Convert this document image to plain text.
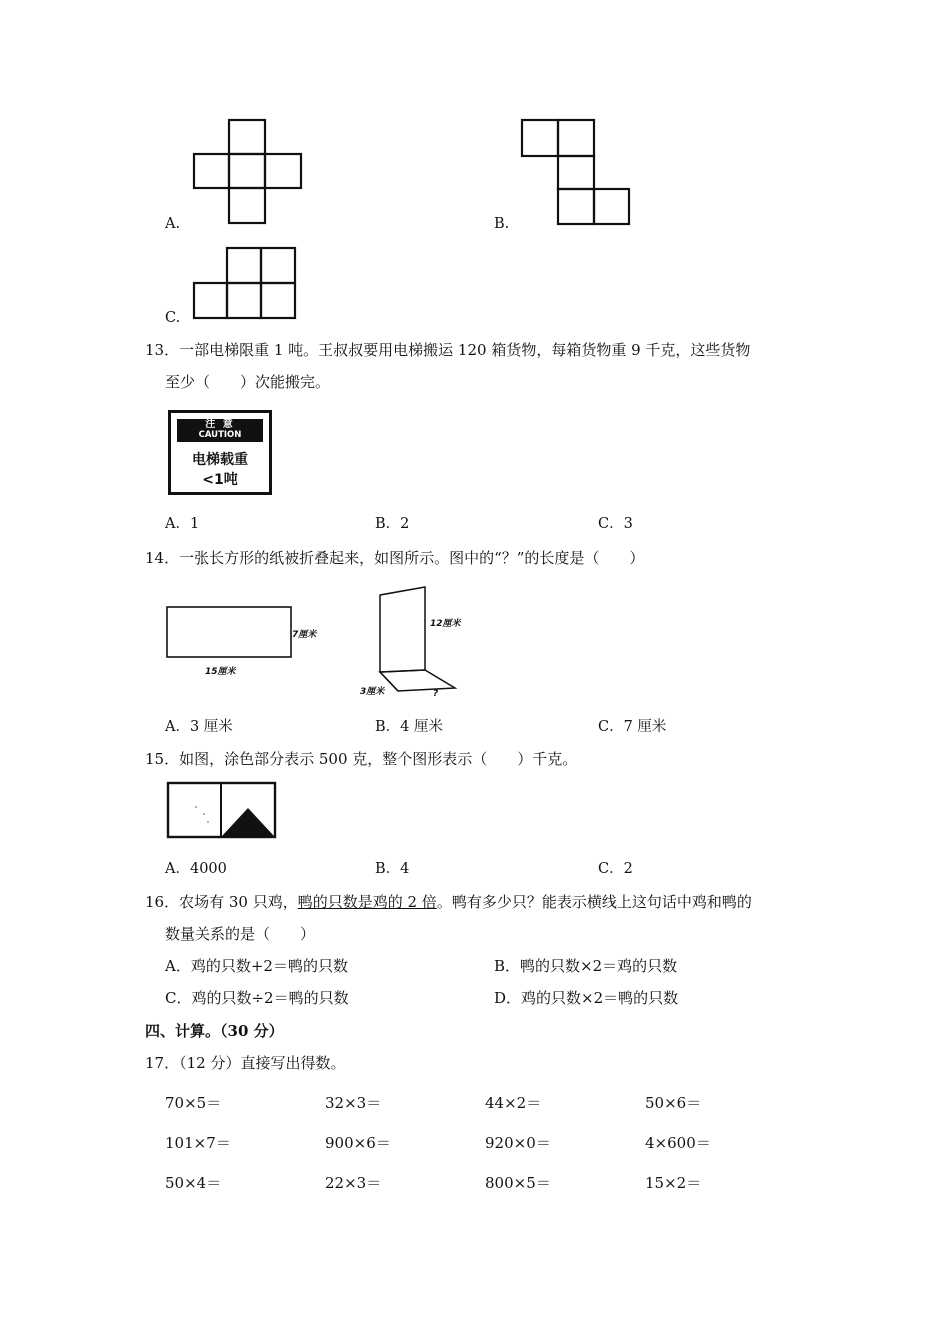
A.	B.
C.
13．一部电梯限重 1 吨。王叔叔要用电梯搬运 120 箱货物，每箱货物重 9 千克，这些货物
至少（　　）次能搬完。
注 意
CAUTION
电梯载重
<1吨
A．1	B．2	C．3
14．一张长方形的纸被折叠起来，如图所示。图中的“？”的长度是（　　）
7厘米
15厘米
12厘米
3厘米	?
A．3 厘米	B．4 厘米	C．7 厘米
15．如图，涂色部分表示 500 克，整个图形表示（　　）千克。
A．4000	B．4	C．2
16．农场有 30 只鸡，鸭的只数是鸡的 2 倍。鸭有多少只？能表示横线上这句话中鸡和鸭的
数量关系的是（　　）
A．鸡的只数+2＝鸭的只数	B．鸭的只数×2＝鸡的只数
C．鸡的只数÷2＝鸭的只数	D．鸡的只数×2＝鸭的只数
四、计算。（30 分）
17．（12 分）直接写出得数。
70×5＝	32×3＝	44×2＝	50×6＝
101×7＝	900×6＝	920×0＝	4×600＝
50×4＝	22×3＝	800×5＝	15×2＝
